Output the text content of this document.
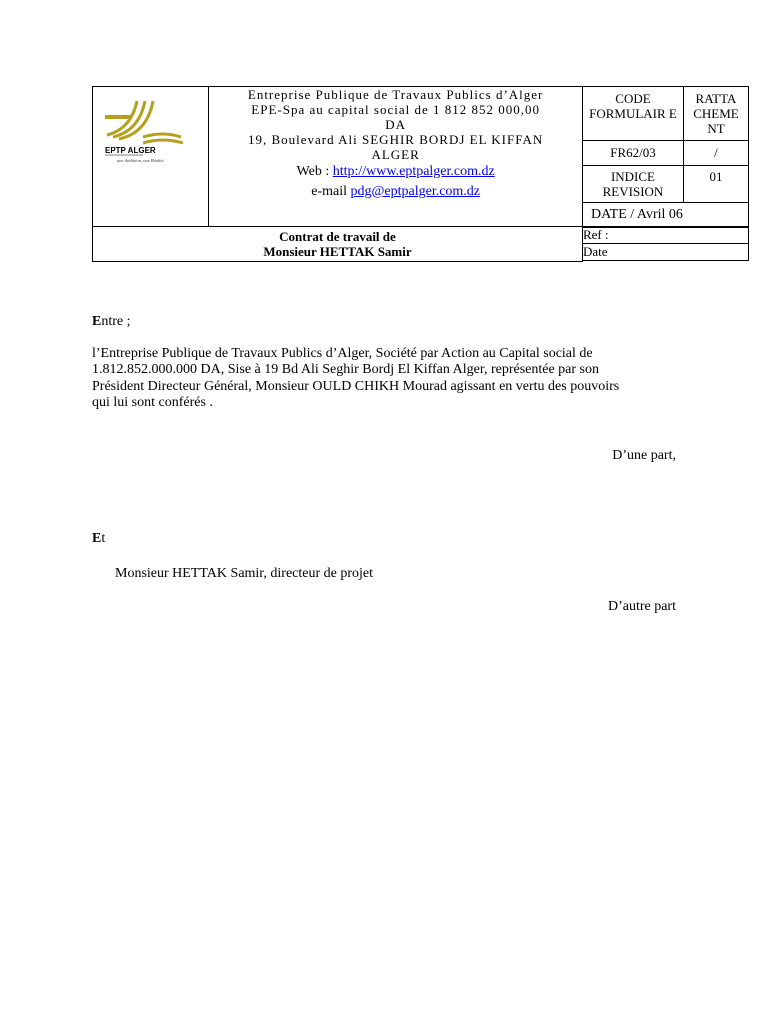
EPTP ALGER
une Ambition, une Réalité

Entreprise Publique de Travaux Publics d’Alger
EPE-Spa au capital social de 1 812 852 000,00
DA
19, Boulevard Ali SEGHIR BORDJ EL KIFFAN
ALGER
Web : http://www.eptpalger.com.dz
e-mail pdg@eptpalger.com.dz

CODE FORMULAIR E	RATTA CHEME NT
FR62/03	/
INDICE REVISION	01
DATE / Avril 06

Contrat de travail de
Monsieur HETTAK Samir

Ref :
Date
Entre ;
l’Entreprise Publique de Travaux Publics d’Alger, Société par Action au Capital social de
1.812.852.000.000 DA, Sise à 19 Bd Ali Seghir Bordj El Kiffan Alger, représentée par son
Président Directeur Général, Monsieur OULD CHIKH Mourad agissant en vertu des pouvoirs
qui lui sont conférés .
D’une part,
Et
Monsieur HETTAK Samir, directeur de projet
D’autre part
